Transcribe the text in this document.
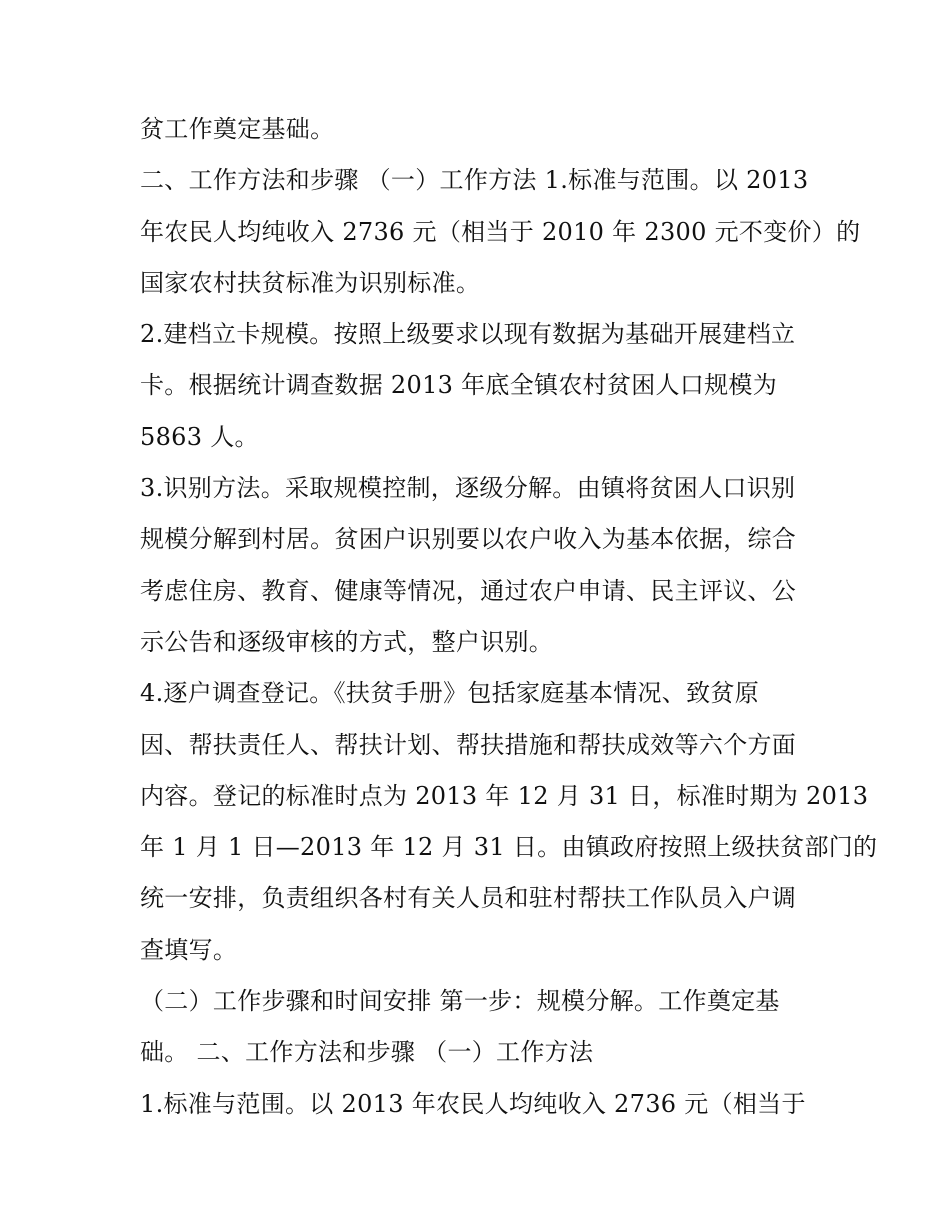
贫工作奠定基础。
二、工作方法和步骤 （一）工作方法 1.标准与范围。以 2013
年农民人均纯收入 2736 元（相当于 2010 年 2300 元不变价）的
国家农村扶贫标准为识别标准。
2.建档立卡规模。按照上级要求以现有数据为基础开展建档立
卡。根据统计调查数据 2013 年底全镇农村贫困人口规模为
5863 人。
3.识别方法。采取规模控制，逐级分解。由镇将贫困人口识别
规模分解到村居。贫困户识别要以农户收入为基本依据，综合
考虑住房、教育、健康等情况，通过农户申请、民主评议、公
示公告和逐级审核的方式，整户识别。
4.逐户调查登记。《扶贫手册》包括家庭基本情况、致贫原
因、帮扶责任人、帮扶计划、帮扶措施和帮扶成效等六个方面
内容。登记的标准时点为 2013 年 12 月 31 日，标准时期为 2013
年 1 月 1 日—2013 年 12 月 31 日。由镇政府按照上级扶贫部门的
统一安排，负责组织各村有关人员和驻村帮扶工作队员入户调
查填写。
（二）工作步骤和时间安排 第一步：规模分解。工作奠定基
础。 二、工作方法和步骤 （一）工作方法
1.标准与范围。以 2013 年农民人均纯收入 2736 元（相当于
